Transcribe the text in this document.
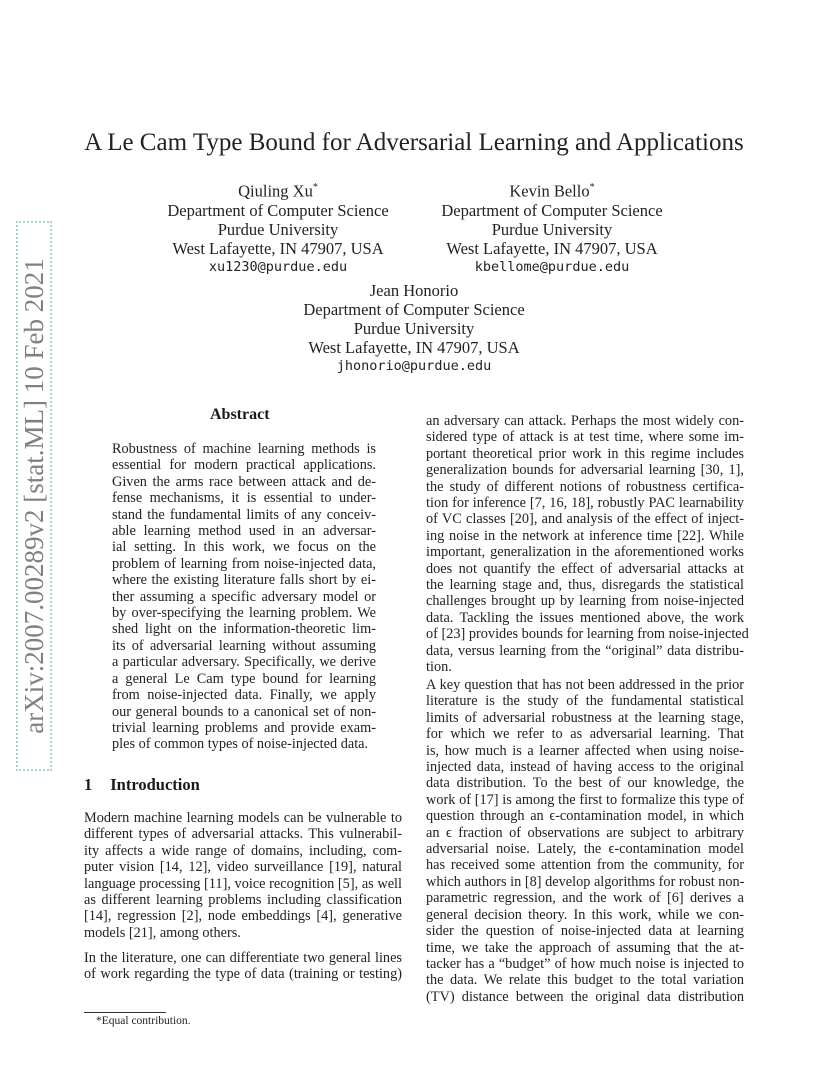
arXiv:2007.00289v2 [stat.ML] 10 Feb 2021
A Le Cam Type Bound for Adversarial Learning and Applications
Qiuling Xu*
Department of Computer Science
Purdue University
West Lafayette, IN 47907, USA
xu1230@purdue.edu
Kevin Bello*
Department of Computer Science
Purdue University
West Lafayette, IN 47907, USA
kbellome@purdue.edu
Jean Honorio
Department of Computer Science
Purdue University
West Lafayette, IN 47907, USA
jhonorio@purdue.edu
Abstract
Robustness of machine learning methods is
essential for modern practical applications.
Given the arms race between attack and de-
fense mechanisms, it is essential to under-
stand the fundamental limits of any conceiv-
able learning method used in an adversar-
ial setting. In this work, we focus on the
problem of learning from noise-injected data,
where the existing literature falls short by ei-
ther assuming a specific adversary model or
by over-specifying the learning problem. We
shed light on the information-theoretic lim-
its of adversarial learning without assuming
a particular adversary. Specifically, we derive
a general Le Cam type bound for learning
from noise-injected data. Finally, we apply
our general bounds to a canonical set of non-
trivial learning problems and provide exam-
ples of common types of noise-injected data.
1 Introduction
Modern machine learning models can be vulnerable to
different types of adversarial attacks. This vulnerabil-
ity affects a wide range of domains, including, com-
puter vision [14, 12], video surveillance [19], natural
language processing [11], voice recognition [5], as well
as different learning problems including classification
[14], regression [2], node embeddings [4], generative
models [21], among others.
In the literature, one can differentiate two general lines
of work regarding the type of data (training or testing)
*Equal contribution.
an adversary can attack. Perhaps the most widely con-
sidered type of attack is at test time, where some im-
portant theoretical prior work in this regime includes
generalization bounds for adversarial learning [30, 1],
the study of different notions of robustness certifica-
tion for inference [7, 16, 18], robustly PAC learnability
of VC classes [20], and analysis of the effect of inject-
ing noise in the network at inference time [22]. While
important, generalization in the aforementioned works
does not quantify the effect of adversarial attacks at
the learning stage and, thus, disregards the statistical
challenges brought up by learning from noise-injected
data. Tackling the issues mentioned above, the work
of [23] provides bounds for learning from noise-injected
data, versus learning from the “original” data distribu-
tion.
A key question that has not been addressed in the prior
literature is the study of the fundamental statistical
limits of adversarial robustness at the learning stage,
for which we refer to as adversarial learning. That
is, how much is a learner affected when using noise-
injected data, instead of having access to the original
data distribution. To the best of our knowledge, the
work of [17] is among the first to formalize this type of
question through an ϵ-contamination model, in which
an ϵ fraction of observations are subject to arbitrary
adversarial noise. Lately, the ϵ-contamination model
has received some attention from the community, for
which authors in [8] develop algorithms for robust non-
parametric regression, and the work of [6] derives a
general decision theory. In this work, while we con-
sider the question of noise-injected data at learning
time, we take the approach of assuming that the at-
tacker has a “budget” of how much noise is injected to
the data. We relate this budget to the total variation
(TV) distance between the original data distribution
